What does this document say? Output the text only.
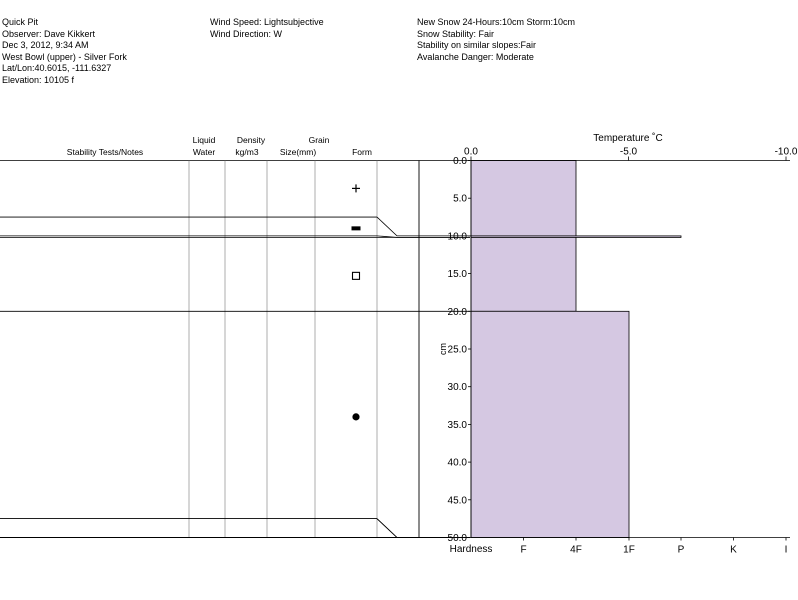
Quick Pit
Observer: Dave Kikkert
Dec 3, 2012, 9:34 AM
West Bowl (upper) - Silver Fork
Lat/Lon:40.6015, -111.6327
Elevation: 10105 f
Wind Speed: Lightsubjective
Wind Direction: W
New Snow 24-Hours:10cm Storm:10cm
Snow Stability: Fair
Stability on similar slopes:Fair
Avalanche Danger: Moderate
Stability Tests/Notes
Liquid
Water
Density
kg/m3
Grain
Size(mm)	Form
Temperature ˚C
cm
Hardness
0.0	-5.0	-10.0
0.0
5.0
10.0
15.0
20.0
25.0
30.0
35.0
40.0
45.0
50.0
F	4F	1F	P	K	I
